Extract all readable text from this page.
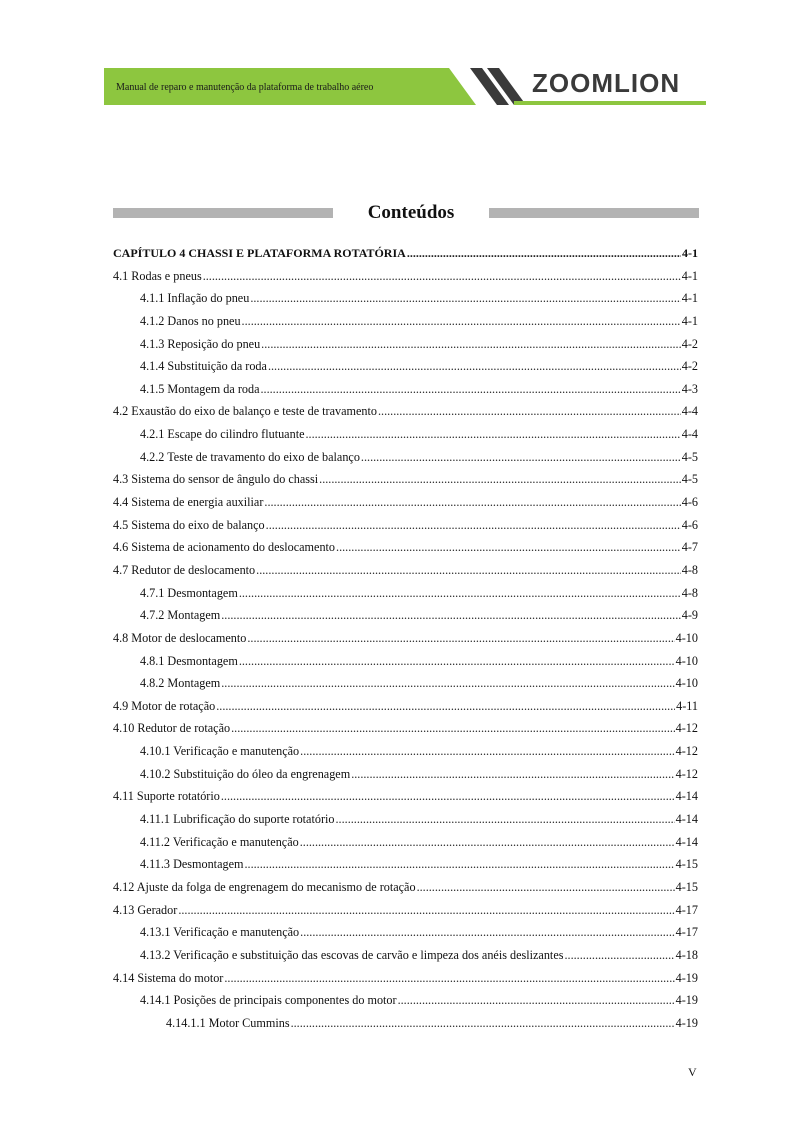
Manual de reparo e manutenção da plataforma de trabalho aéreo	ZOOMLION
Conteúdos
CAPÍTULO 4 CHASSI E PLATAFORMA ROTATÓRIA .....	4-1
4.1 Rodas e pneus .....	4-1
4.1.1 Inflação do pneu .....	4-1
4.1.2 Danos no pneu .....	4-1
4.1.3 Reposição do pneu .....	4-2
4.1.4 Substituição da roda .....	4-2
4.1.5 Montagem da roda .....	4-3
4.2 Exaustão do eixo de balanço e teste de travamento .....	4-4
4.2.1 Escape do cilindro flutuante .....	4-4
4.2.2 Teste de travamento do eixo de balanço .....	4-5
4.3 Sistema do sensor de ângulo do chassi .....	4-5
4.4 Sistema de energia auxiliar .....	4-6
4.5 Sistema do eixo de balanço .....	4-6
4.6 Sistema de acionamento do deslocamento .....	4-7
4.7 Redutor de deslocamento .....	4-8
4.7.1 Desmontagem .....	4-8
4.7.2 Montagem .....	4-9
4.8 Motor de deslocamento .....	4-10
4.8.1 Desmontagem .....	4-10
4.8.2 Montagem .....	4-10
4.9 Motor de rotação .....	4-11
4.10 Redutor de rotação .....	4-12
4.10.1 Verificação e manutenção .....	4-12
4.10.2 Substituição do óleo da engrenagem .....	4-12
4.11 Suporte rotatório .....	4-14
4.11.1 Lubrificação do suporte rotatório .....	4-14
4.11.2 Verificação e manutenção .....	4-14
4.11.3 Desmontagem .....	4-15
4.12 Ajuste da folga de engrenagem do mecanismo de rotação .....	4-15
4.13 Gerador .....	4-17
4.13.1 Verificação e manutenção .....	4-17
4.13.2 Verificação e substituição das escovas de carvão e limpeza dos anéis deslizantes .....	4-18
4.14 Sistema do motor .....	4-19
4.14.1 Posições de principais componentes do motor .....	4-19
4.14.1.1 Motor Cummins .....	4-19
V
